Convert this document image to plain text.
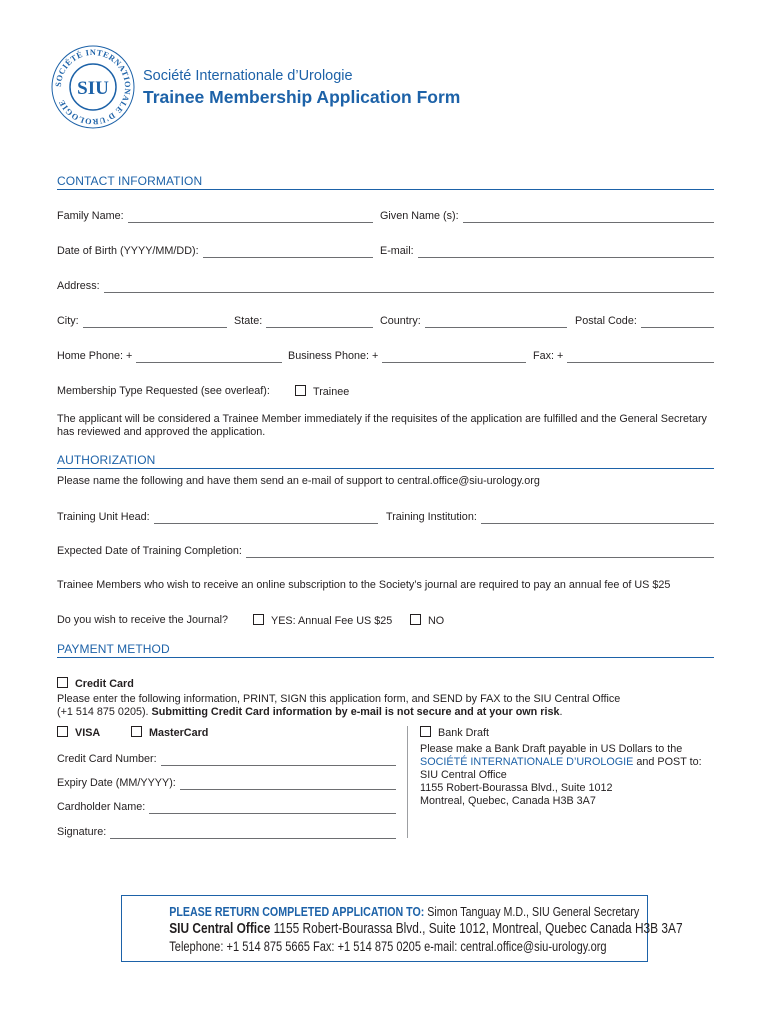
SOCIÉTÉ INTERNATIONALE D'UROLOGIE
SIU
Société Internationale d’Urologie
Trainee Membership Application Form
CONTACT INFORMATION
Family Name:	Given Name (s):
Date of Birth (YYYY/MM/DD):	E-mail:
Address:
City:	State:	Country:	Postal Code:
Home Phone: +	Business Phone: +	Fax: +
Membership Type Requested (see overleaf):	Trainee
The applicant will be considered a Trainee Member immediately if the requisites of the application are fulfilled and the General Secretary has reviewed and approved the application.
AUTHORIZATION
Please name the following and have them send an e-mail of support to central.office@siu-urology.org
Training Unit Head:	Training Institution:
Expected Date of Training Completion:
Trainee Members who wish to receive an online subscription to the Society’s journal are required to pay an annual fee of US $25
Do you wish to receive the Journal?	YES: Annual Fee US $25	NO
PAYMENT METHOD
Credit Card
Please enter the following information, PRINT, SIGN this application form, and SEND by FAX to the SIU Central Office
(+1 514 875 0205). Submitting Credit Card information by e-mail is not secure and at your own risk.
VISA	MasterCard
Credit Card Number:
Expiry Date (MM/YYYY):
Cardholder Name:
Signature:
Bank Draft
Please make a Bank Draft payable in US Dollars to the
SOCIÉTÉ INTERNATIONALE D’UROLOGIE and POST to:
SIU Central Office
1155 Robert-Bourassa Blvd., Suite 1012
Montreal, Quebec, Canada H3B 3A7
PLEASE RETURN COMPLETED APPLICATION TO: Simon Tanguay M.D., SIU General Secretary
SIU Central Office 1155 Robert-Bourassa Blvd., Suite 1012, Montreal, Quebec Canada H3B 3A7
Telephone: +1 514 875 5665 Fax: +1 514 875 0205 e-mail: central.office@siu-urology.org
